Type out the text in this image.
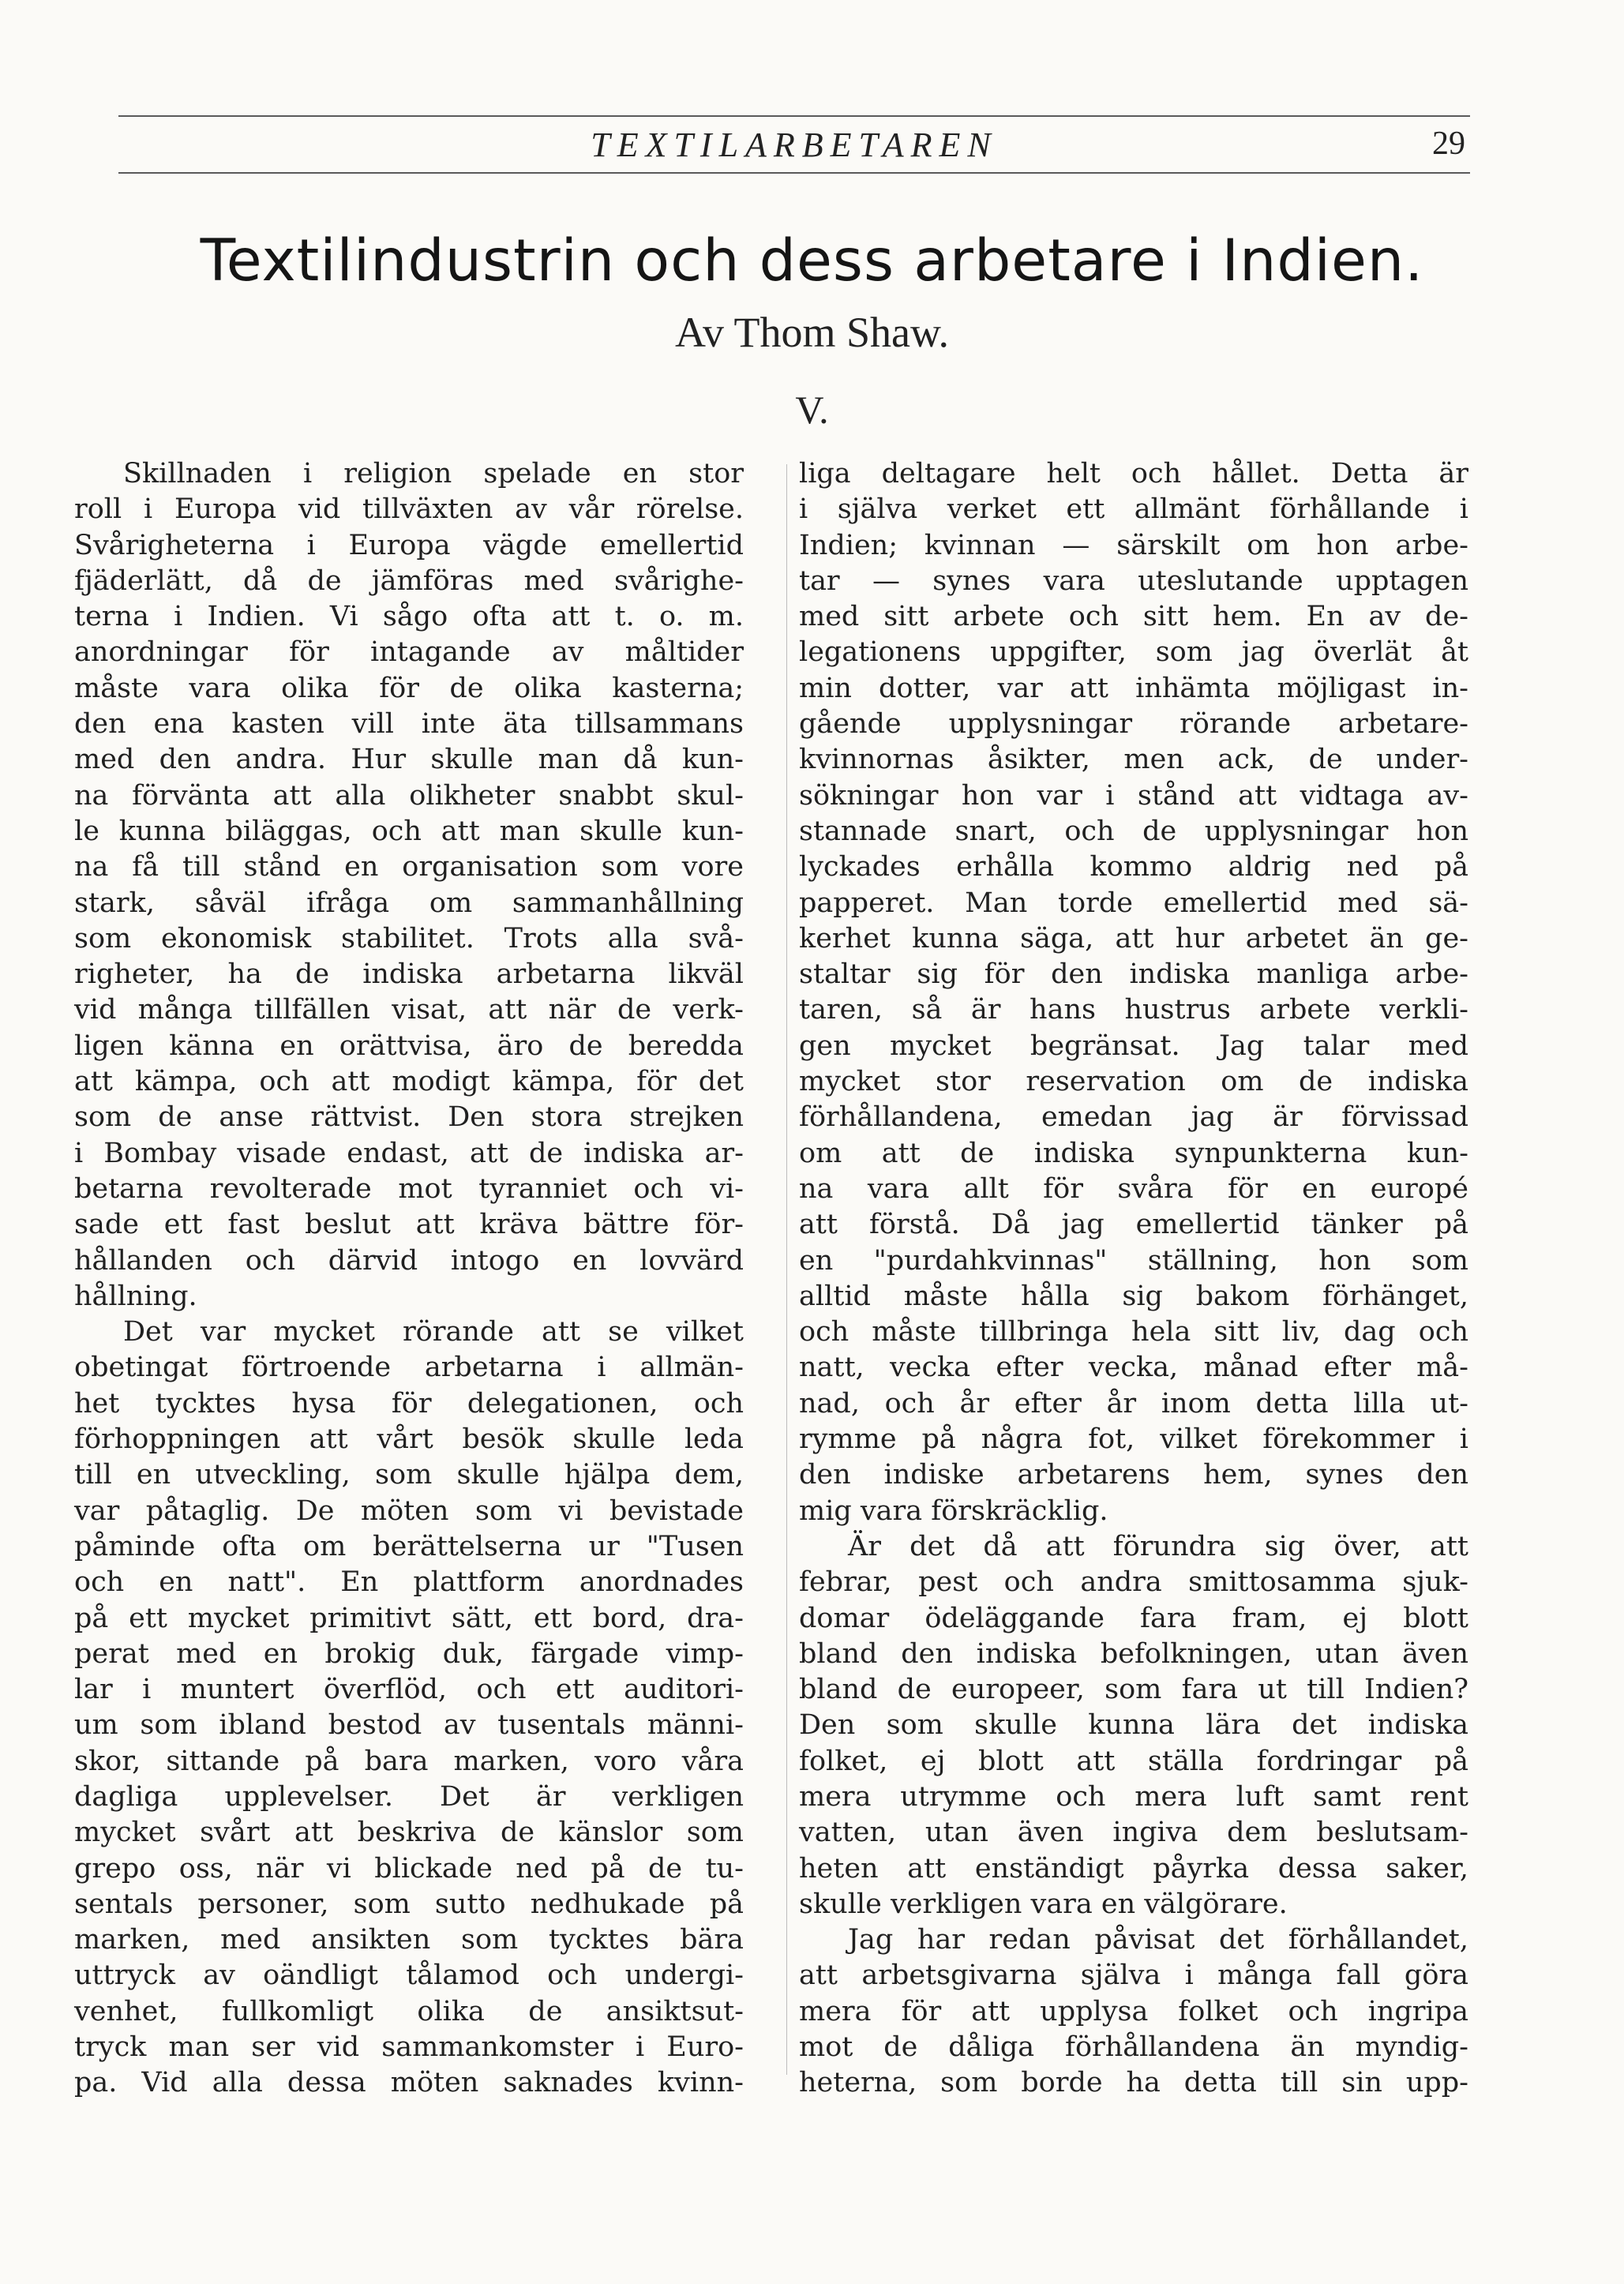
TEXTILARBETAREN	29
Textilindustrin och dess arbetare i Indien.
Av Thom Shaw.
V.
Skillnaden i religion spelade en stor
roll i Europa vid tillväxten av vår rörelse.
Svårigheterna i Europa vägde emellertid
fjäderlätt, då de jämföras med svårighe-
terna i Indien. Vi sågo ofta att t. o. m.
anordningar för intagande av måltider
måste vara olika för de olika kasterna;
den ena kasten vill inte äta tillsammans
med den andra. Hur skulle man då kun-
na förvänta att alla olikheter snabbt skul-
le kunna biläggas, och att man skulle kun-
na få till stånd en organisation som vore
stark, såväl ifråga om sammanhållning
som ekonomisk stabilitet. Trots alla svå-
righeter, ha de indiska arbetarna likväl
vid många tillfällen visat, att när de verk-
ligen känna en orättvisa, äro de beredda
att kämpa, och att modigt kämpa, för det
som de anse rättvist. Den stora strejken
i Bombay visade endast, att de indiska ar-
betarna revolterade mot tyranniet och vi-
sade ett fast beslut att kräva bättre för-
hållanden och därvid intogo en lovvärd
hållning.
Det var mycket rörande att se vilket
obetingat förtroende arbetarna i allmän-
het tycktes hysa för delegationen, och
förhoppningen att vårt besök skulle leda
till en utveckling, som skulle hjälpa dem,
var påtaglig. De möten som vi bevistade
påminde ofta om berättelserna ur "Tusen
och en natt". En plattform anordnades
på ett mycket primitivt sätt, ett bord, dra-
perat med en brokig duk, färgade vimp-
lar i muntert överflöd, och ett auditori-
um som ibland bestod av tusentals männi-
skor, sittande på bara marken, voro våra
dagliga upplevelser. Det är verkligen
mycket svårt att beskriva de känslor som
grepo oss, när vi blickade ned på de tu-
sentals personer, som sutto nedhukade på
marken, med ansikten som tycktes bära
uttryck av oändligt tålamod och undergi-
venhet, fullkomligt olika de ansiktsut-
tryck man ser vid sammankomster i Euro-
pa. Vid alla dessa möten saknades kvinn-
liga deltagare helt och hållet. Detta är
i själva verket ett allmänt förhållande i
Indien; kvinnan — särskilt om hon arbe-
tar — synes vara uteslutande upptagen
med sitt arbete och sitt hem. En av de-
legationens uppgifter, som jag överlät åt
min dotter, var att inhämta möjligast in-
gående upplysningar rörande arbetare-
kvinnornas åsikter, men ack, de under-
sökningar hon var i stånd att vidtaga av-
stannade snart, och de upplysningar hon
lyckades erhålla kommo aldrig ned på
papperet. Man torde emellertid med sä-
kerhet kunna säga, att hur arbetet än ge-
staltar sig för den indiska manliga arbe-
taren, så är hans hustrus arbete verkli-
gen mycket begränsat. Jag talar med
mycket stor reservation om de indiska
förhållandena, emedan jag är förvissad
om att de indiska synpunkterna kun-
na vara allt för svåra för en europé
att förstå. Då jag emellertid tänker på
en "purdahkvinnas" ställning, hon som
alltid måste hålla sig bakom förhänget,
och måste tillbringa hela sitt liv, dag och
natt, vecka efter vecka, månad efter må-
nad, och år efter år inom detta lilla ut-
rymme på några fot, vilket förekommer i
den indiske arbetarens hem, synes den
mig vara förskräcklig.
Är det då att förundra sig över, att
febrar, pest och andra smittosamma sjuk-
domar ödeläggande fara fram, ej blott
bland den indiska befolkningen, utan även
bland de europeer, som fara ut till Indien?
Den som skulle kunna lära det indiska
folket, ej blott att ställa fordringar på
mera utrymme och mera luft samt rent
vatten, utan även ingiva dem beslutsam-
heten att enständigt påyrka dessa saker,
skulle verkligen vara en välgörare.
Jag har redan påvisat det förhållandet,
att arbetsgivarna själva i många fall göra
mera för att upplysa folket och ingripa
mot de dåliga förhållandena än myndig-
heterna, som borde ha detta till sin upp-
